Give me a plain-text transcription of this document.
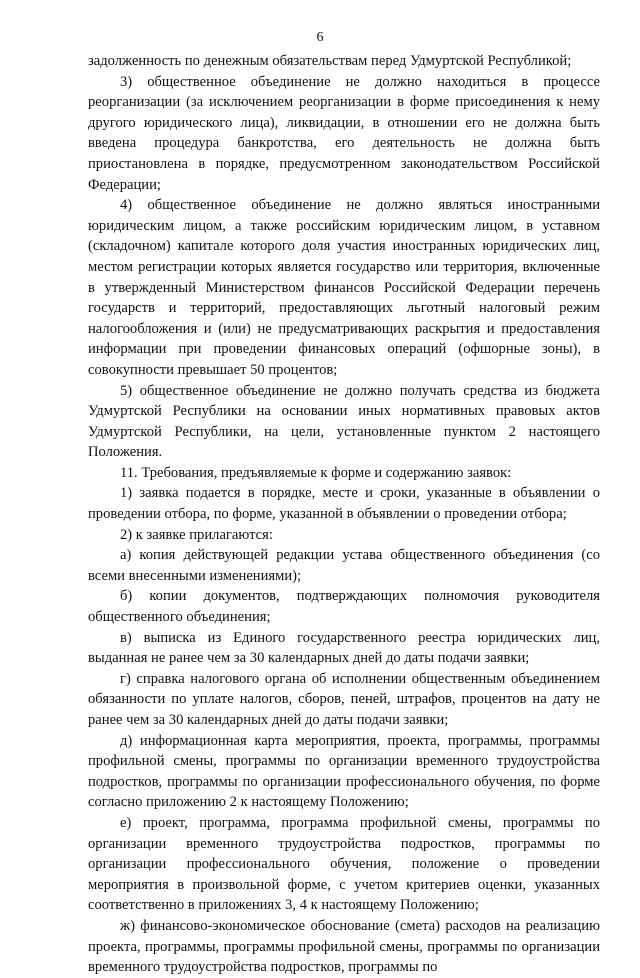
6

задолженность по денежным обязательствам перед Удмуртской Республикой;

3) общественное объединение не должно находиться в процессе реорганизации (за исключением реорганизации в форме присоединения к нему другого юридического лица), ликвидации, в отношении его не должна быть введена процедура банкротства, его деятельность не должна быть приостановлена в порядке, предусмотренном законодательством Российской Федерации;

4) общественное объединение не должно являться иностранными юридическим лицом, а также российским юридическим лицом, в уставном (складочном) капитале которого доля участия иностранных юридических лиц, местом регистрации которых является государство или территория, включенные в утвержденный Министерством финансов Российской Федерации перечень государств и территорий, предоставляющих льготный налоговый режим налогообложения и (или) не предусматривающих раскрытия и предоставления информации при проведении финансовых операций (офшорные зоны), в совокупности превышает 50 процентов;

5) общественное объединение не должно получать средства из бюджета Удмуртской Республики на основании иных нормативных правовых актов Удмуртской Республики, на цели, установленные пунктом 2 настоящего Положения.

11. Требования, предъявляемые к форме и содержанию заявок:

1) заявка подается в порядке, месте и сроки, указанные в объявлении о проведении отбора, по форме, указанной в объявлении о проведении отбора;

2) к заявке прилагаются:

а) копия действующей редакции устава общественного объединения (со всеми внесенными изменениями);

б) копии документов, подтверждающих полномочия руководителя общественного объединения;

в) выписка из Единого государственного реестра юридических лиц, выданная не ранее чем за 30 календарных дней до даты подачи заявки;

г) справка налогового органа об исполнении общественным объединением обязанности по уплате налогов, сборов, пеней, штрафов, процентов на дату не ранее чем за 30 календарных дней до даты подачи заявки;

д) информационная карта мероприятия, проекта, программы, программы профильной смены, программы по организации временного трудоустройства подростков, программы по организации профессионального обучения, по форме согласно приложению 2 к настоящему Положению;

е) проект, программа, программа профильной смены, программы по организации временного трудоустройства подростков, программы по организации профессионального обучения, положение о проведении мероприятия в произвольной форме, с учетом критериев оценки, указанных соответственно в приложениях 3, 4 к настоящему Положению;

ж) финансово-экономическое обоснование (смета) расходов на реализацию проекта, программы, программы профильной смены, программы по организации временного трудоустройства подростков, программы по
